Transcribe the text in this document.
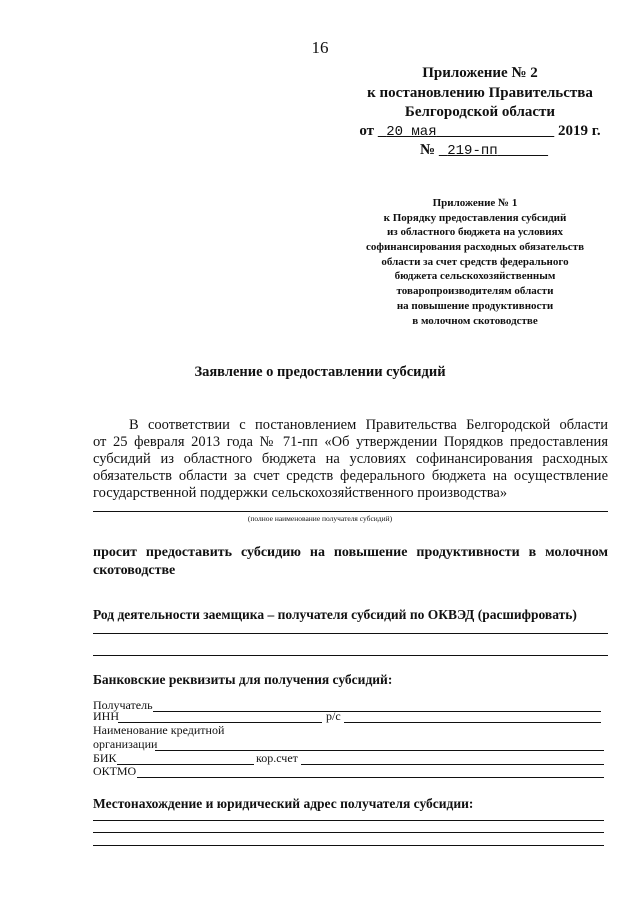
16
Приложение № 2
к постановлению Правительства
Белгородской области
от 20 мая	2019 г.
№ 219-пп
Приложение № 1
к Порядку предоставления субсидий
из областного бюджета на условиях
софинансирования расходных обязательств
области за счет средств федерального
бюджета сельскохозяйственным
товаропроизводителям области
на повышение продуктивности
в молочном скотоводстве
Заявление о предоставлении субсидий
В соответствии с постановлением Правительства Белгородской области
от 25 февраля 2013 года № 71-пп «Об утверждении Порядков предоставления
субсидий из областного бюджета на условиях софинансирования расходных
обязательств области за счет средств федерального бюджета на осуществление
государственной поддержки сельскохозяйственного производства»
(полное наименование получателя субсидий)
просит предоставить субсидию на повышение продуктивности в молочном
скотоводстве
Род деятельности заемщика – получателя субсидий по ОКВЭД (расшифровать)
Банковские реквизиты для получения субсидий:
Получатель
ИНН	р/с
Наименование кредитной
организации
БИК	кор.счет
ОКТМО
Местонахождение и юридический адрес получателя субсидии:
